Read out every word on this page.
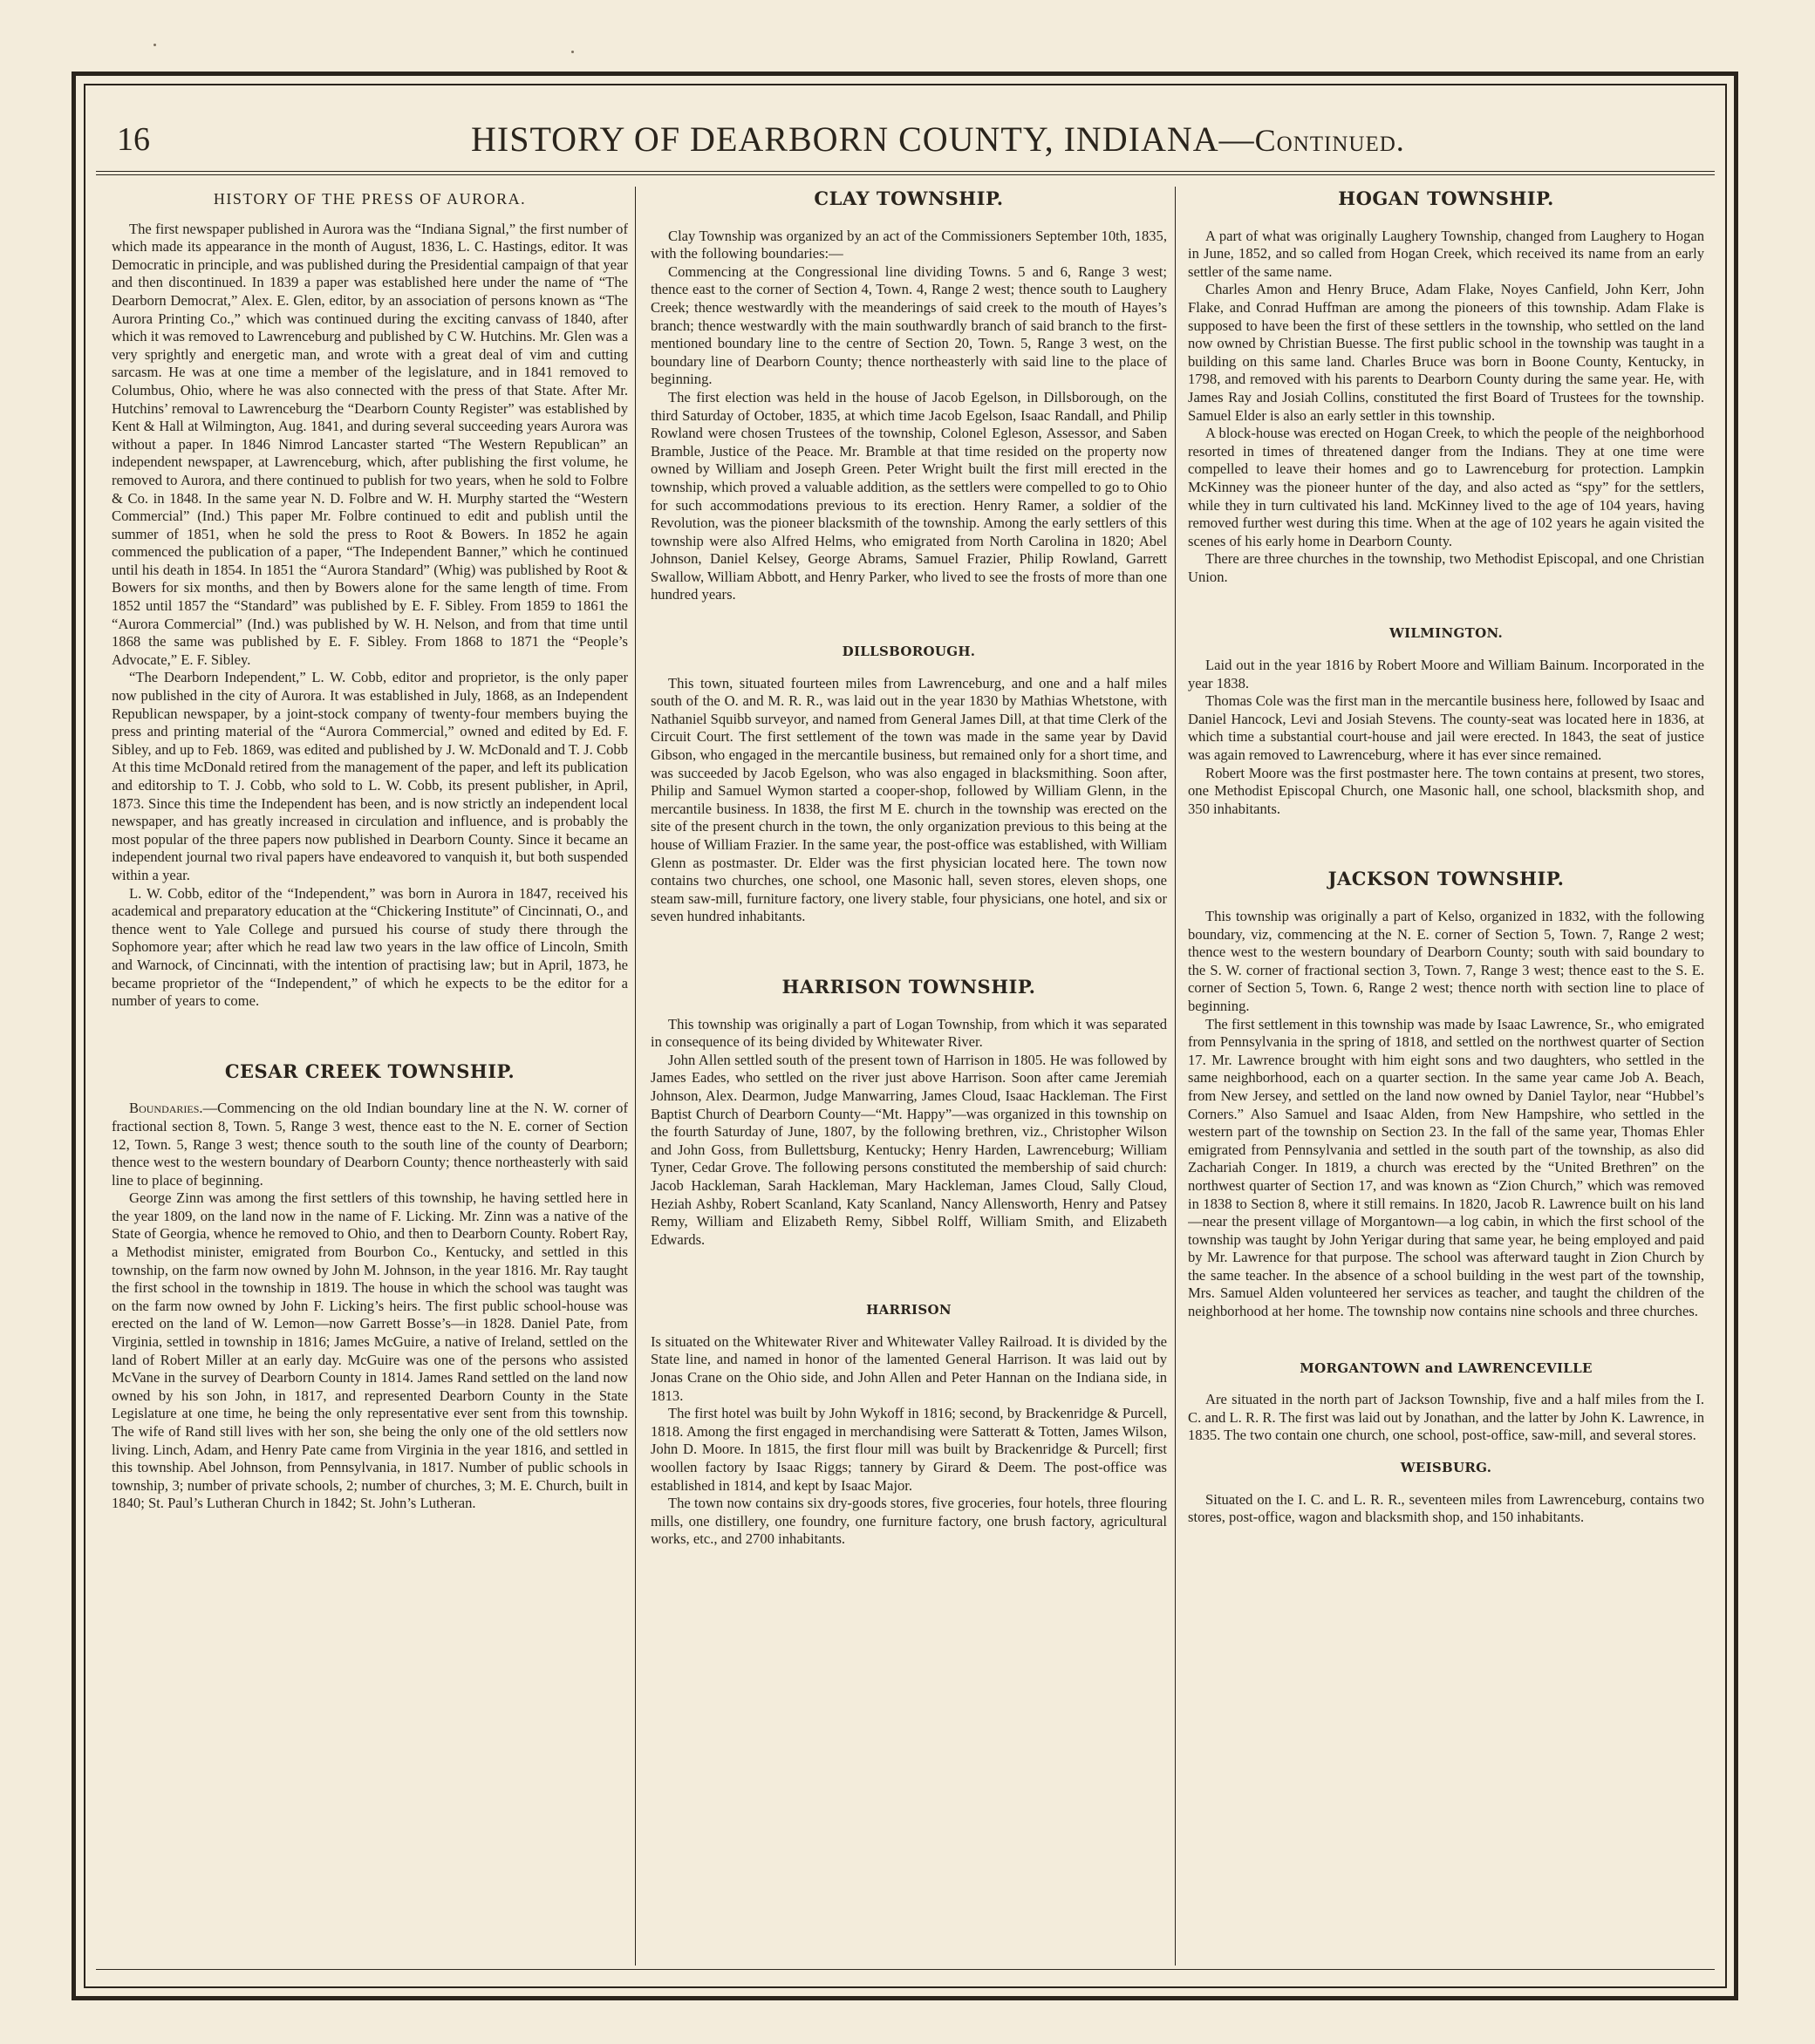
16	HISTORY OF DEARBORN COUNTY, INDIANA—Continued.
HISTORY OF THE PRESS OF AURORA.

The first newspaper published in Aurora was the “Indiana Signal,” the first number of which made its appearance in the month of August, 1836, L. C. Hastings, editor. It was Democratic in principle, and was published during the Presidential campaign of that year and then discontinued. In 1839 a paper was established here under the name of “The Dearborn Democrat,” Alex. E. Glen, editor, by an association of persons known as “The Aurora Printing Co.,” which was continued during the exciting canvass of 1840, after which it was removed to Lawrenceburg and published by C W. Hutchins. Mr. Glen was a very sprightly and energetic man, and wrote with a great deal of vim and cutting sarcasm. He was at one time a member of the legislature, and in 1841 removed to Columbus, Ohio, where he was also connected with the press of that State. After Mr. Hutchins’ removal to Lawrenceburg the “Dearborn County Register” was established by Kent & Hall at Wilmington, Aug. 1841, and during several succeeding years Aurora was without a paper. In 1846 Nimrod Lancaster started “The Western Republican” an independent newspaper, at Lawrenceburg, which, after publishing the first volume, he removed to Aurora, and there continued to publish for two years, when he sold to Folbre & Co. in 1848. In the same year N. D. Folbre and W. H. Murphy started the “Western Commercial” (Ind.) This paper Mr. Folbre continued to edit and publish until the summer of 1851, when he sold the press to Root & Bowers. In 1852 he again commenced the publication of a paper, “The Independent Banner,” which he continued until his death in 1854. In 1851 the “Aurora Standard” (Whig) was published by Root & Bowers for six months, and then by Bowers alone for the same length of time. From 1852 until 1857 the “Standard” was published by E. F. Sibley. From 1859 to 1861 the “Aurora Commercial” (Ind.) was published by W. H. Nelson, and from that time until 1868 the same was published by E. F. Sibley. From 1868 to 1871 the “People’s Advocate,” E. F. Sibley.

“The Dearborn Independent,” L. W. Cobb, editor and proprietor, is the only paper now published in the city of Aurora. It was established in July, 1868, as an Independent Republican newspaper, by a joint-stock company of twenty-four members buying the press and printing material of the “Aurora Commercial,” owned and edited by Ed. F. Sibley, and up to Feb. 1869, was edited and published by J. W. McDonald and T. J. Cobb At this time McDonald retired from the management of the paper, and left its publication and editorship to T. J. Cobb, who sold to L. W. Cobb, its present publisher, in April, 1873. Since this time the Independent has been, and is now strictly an independent local newspaper, and has greatly increased in circulation and influence, and is probably the most popular of the three papers now published in Dearborn County. Since it became an independent journal two rival papers have endeavored to vanquish it, but both suspended within a year.

L. W. Cobb, editor of the “Independent,” was born in Aurora in 1847, received his academical and preparatory education at the “Chickering Institute” of Cincinnati, O., and thence went to Yale College and pursued his course of study there through the Sophomore year; after which he read law two years in the law office of Lincoln, Smith and Warnock, of Cincinnati, with the intention of practising law; but in April, 1873, he became proprietor of the “Independent,” of which he expects to be the editor for a number of years to come.

CESAR CREEK TOWNSHIP.

Boundaries.—Commencing on the old Indian boundary line at the N. W. corner of fractional section 8, Town. 5, Range 3 west, thence east to the N. E. corner of Section 12, Town. 5, Range 3 west; thence south to the south line of the county of Dearborn; thence west to the western boundary of Dearborn County; thence northeasterly with said line to place of beginning.

George Zinn was among the first settlers of this township, he having settled here in the year 1809, on the land now in the name of F. Licking. Mr. Zinn was a native of the State of Georgia, whence he removed to Ohio, and then to Dearborn County. Robert Ray, a Methodist minister, emigrated from Bourbon Co., Kentucky, and settled in this township, on the farm now owned by John M. Johnson, in the year 1816. Mr. Ray taught the first school in the township in 1819. The house in which the school was taught was on the farm now owned by John F. Licking’s heirs. The first public school-house was erected on the land of W. Lemon—now Garrett Bosse’s—in 1828. Daniel Pate, from Virginia, settled in township in 1816; James McGuire, a native of Ireland, settled on the land of Robert Miller at an early day. McGuire was one of the persons who assisted McVane in the survey of Dearborn County in 1814. James Rand settled on the land now owned by his son John, in 1817, and represented Dearborn County in the State Legislature at one time, he being the only representative ever sent from this township. The wife of Rand still lives with her son, she being the only one of the old settlers now living. Linch, Adam, and Henry Pate came from Virginia in the year 1816, and settled in this township. Abel Johnson, from Pennsylvania, in 1817. Number of public schools in township, 3; number of private schools, 2; number of churches, 3; M. E. Church, built in 1840; St. Paul’s Lutheran Church in 1842; St. John’s Lutheran.

CLAY TOWNSHIP.

Clay Township was organized by an act of the Commissioners September 10th, 1835, with the following boundaries:—

Commencing at the Congressional line dividing Towns. 5 and 6, Range 3 west; thence east to the corner of Section 4, Town. 4, Range 2 west; thence south to Laughery Creek; thence westwardly with the meanderings of said creek to the mouth of Hayes’s branch; thence westwardly with the main southwardly branch of said branch to the first-mentioned boundary line to the centre of Section 20, Town. 5, Range 3 west, on the boundary line of Dearborn County; thence northeasterly with said line to the place of beginning.

The first election was held in the house of Jacob Egelson, in Dillsborough, on the third Saturday of October, 1835, at which time Jacob Egelson, Isaac Randall, and Philip Rowland were chosen Trustees of the township, Colonel Egleson, Assessor, and Saben Bramble, Justice of the Peace. Mr. Bramble at that time resided on the property now owned by William and Joseph Green. Peter Wright built the first mill erected in the township, which proved a valuable addition, as the settlers were compelled to go to Ohio for such accommodations previous to its erection. Henry Ramer, a soldier of the Revolution, was the pioneer blacksmith of the township. Among the early settlers of this township were also Alfred Helms, who emigrated from North Carolina in 1820; Abel Johnson, Daniel Kelsey, George Abrams, Samuel Frazier, Philip Rowland, Garrett Swallow, William Abbott, and Henry Parker, who lived to see the frosts of more than one hundred years.

DILLSBOROUGH.

This town, situated fourteen miles from Lawrenceburg, and one and a half miles south of the O. and M. R. R., was laid out in the year 1830 by Mathias Whetstone, with Nathaniel Squibb surveyor, and named from General James Dill, at that time Clerk of the Circuit Court. The first settlement of the town was made in the same year by David Gibson, who engaged in the mercantile business, but remained only for a short time, and was succeeded by Jacob Egelson, who was also engaged in blacksmithing. Soon after, Philip and Samuel Wymon started a cooper-shop, followed by William Glenn, in the mercantile business. In 1838, the first M E. church in the township was erected on the site of the present church in the town, the only organization previous to this being at the house of William Frazier. In the same year, the post-office was established, with William Glenn as postmaster. Dr. Elder was the first physician located here. The town now contains two churches, one school, one Masonic hall, seven stores, eleven shops, one steam saw-mill, furniture factory, one livery stable, four physicians, one hotel, and six or seven hundred inhabitants.

HARRISON TOWNSHIP.

This township was originally a part of Logan Township, from which it was separated in consequence of its being divided by Whitewater River.

John Allen settled south of the present town of Harrison in 1805. He was followed by James Eades, who settled on the river just above Harrison. Soon after came Jeremiah Johnson, Alex. Dearmon, Judge Manwarring, James Cloud, Isaac Hackleman. The First Baptist Church of Dearborn County—“Mt. Happy”—was organized in this township on the fourth Saturday of June, 1807, by the following brethren, viz., Christopher Wilson and John Goss, from Bullettsburg, Kentucky; Henry Harden, Lawrenceburg; William Tyner, Cedar Grove. The following persons constituted the membership of said church: Jacob Hackleman, Sarah Hackleman, Mary Hackleman, James Cloud, Sally Cloud, Heziah Ashby, Robert Scanland, Katy Scanland, Nancy Allensworth, Henry and Patsey Remy, William and Elizabeth Remy, Sibbel Rolff, William Smith, and Elizabeth Edwards.

HARRISON

Is situated on the Whitewater River and Whitewater Valley Railroad. It is divided by the State line, and named in honor of the lamented General Harrison. It was laid out by Jonas Crane on the Ohio side, and John Allen and Peter Hannan on the Indiana side, in 1813.

The first hotel was built by John Wykoff in 1816; second, by Brackenridge & Purcell, 1818. Among the first engaged in merchandising were Satteratt & Totten, James Wilson, John D. Moore. In 1815, the first flour mill was built by Brackenridge & Purcell; first woollen factory by Isaac Riggs; tannery by Girard & Deem. The post-office was established in 1814, and kept by Isaac Major.

The town now contains six dry-goods stores, five groceries, four hotels, three flouring mills, one distillery, one foundry, one furniture factory, one brush factory, agricultural works, etc., and 2700 inhabitants.

HOGAN TOWNSHIP.

A part of what was originally Laughery Township, changed from Laughery to Hogan in June, 1852, and so called from Hogan Creek, which received its name from an early settler of the same name.

Charles Amon and Henry Bruce, Adam Flake, Noyes Canfield, John Kerr, John Flake, and Conrad Huffman are among the pioneers of this township. Adam Flake is supposed to have been the first of these settlers in the township, who settled on the land now owned by Christian Buesse. The first public school in the township was taught in a building on this same land. Charles Bruce was born in Boone County, Kentucky, in 1798, and removed with his parents to Dearborn County during the same year. He, with James Ray and Josiah Collins, constituted the first Board of Trustees for the township. Samuel Elder is also an early settler in this township.

A block-house was erected on Hogan Creek, to which the people of the neighborhood resorted in times of threatened danger from the Indians. They at one time were compelled to leave their homes and go to Lawrenceburg for protection. Lampkin McKinney was the pioneer hunter of the day, and also acted as “spy” for the settlers, while they in turn cultivated his land. McKinney lived to the age of 104 years, having removed further west during this time. When at the age of 102 years he again visited the scenes of his early home in Dearborn County.

There are three churches in the township, two Methodist Episcopal, and one Christian Union.

WILMINGTON.

Laid out in the year 1816 by Robert Moore and William Bainum. Incorporated in the year 1838.

Thomas Cole was the first man in the mercantile business here, followed by Isaac and Daniel Hancock, Levi and Josiah Stevens. The county-seat was located here in 1836, at which time a substantial court-house and jail were erected. In 1843, the seat of justice was again removed to Lawrenceburg, where it has ever since remained.

Robert Moore was the first postmaster here. The town contains at present, two stores, one Methodist Episcopal Church, one Masonic hall, one school, blacksmith shop, and 350 inhabitants.

JACKSON TOWNSHIP.

This township was originally a part of Kelso, organized in 1832, with the following boundary, viz, commencing at the N. E. corner of Section 5, Town. 7, Range 2 west; thence west to the western boundary of Dearborn County; south with said boundary to the S. W. corner of fractional section 3, Town. 7, Range 3 west; thence east to the S. E. corner of Section 5, Town. 6, Range 2 west; thence north with section line to place of beginning.

The first settlement in this township was made by Isaac Lawrence, Sr., who emigrated from Pennsylvania in the spring of 1818, and settled on the northwest quarter of Section 17. Mr. Lawrence brought with him eight sons and two daughters, who settled in the same neighborhood, each on a quarter section. In the same year came Job A. Beach, from New Jersey, and settled on the land now owned by Daniel Taylor, near “Hubbel’s Corners.” Also Samuel and Isaac Alden, from New Hampshire, who settled in the western part of the township on Section 23. In the fall of the same year, Thomas Ehler emigrated from Pennsylvania and settled in the south part of the township, as also did Zachariah Conger. In 1819, a church was erected by the “United Brethren” on the northwest quarter of Section 17, and was known as “Zion Church,” which was removed in 1838 to Section 8, where it still remains. In 1820, Jacob R. Lawrence built on his land—near the present village of Morgantown—a log cabin, in which the first school of the township was taught by John Yerigar during that same year, he being employed and paid by Mr. Lawrence for that purpose. The school was afterward taught in Zion Church by the same teacher. In the absence of a school building in the west part of the township, Mrs. Samuel Alden volunteered her services as teacher, and taught the children of the neighborhood at her home. The township now contains nine schools and three churches.

MORGANTOWN and LAWRENCEVILLE

Are situated in the north part of Jackson Township, five and a half miles from the I. C. and L. R. R. The first was laid out by Jonathan, and the latter by John K. Lawrence, in 1835. The two contain one church, one school, post-office, saw-mill, and several stores.

WEISBURG.

Situated on the I. C. and L. R. R., seventeen miles from Lawrenceburg, contains two stores, post-office, wagon and blacksmith shop, and 150 inhabitants.
